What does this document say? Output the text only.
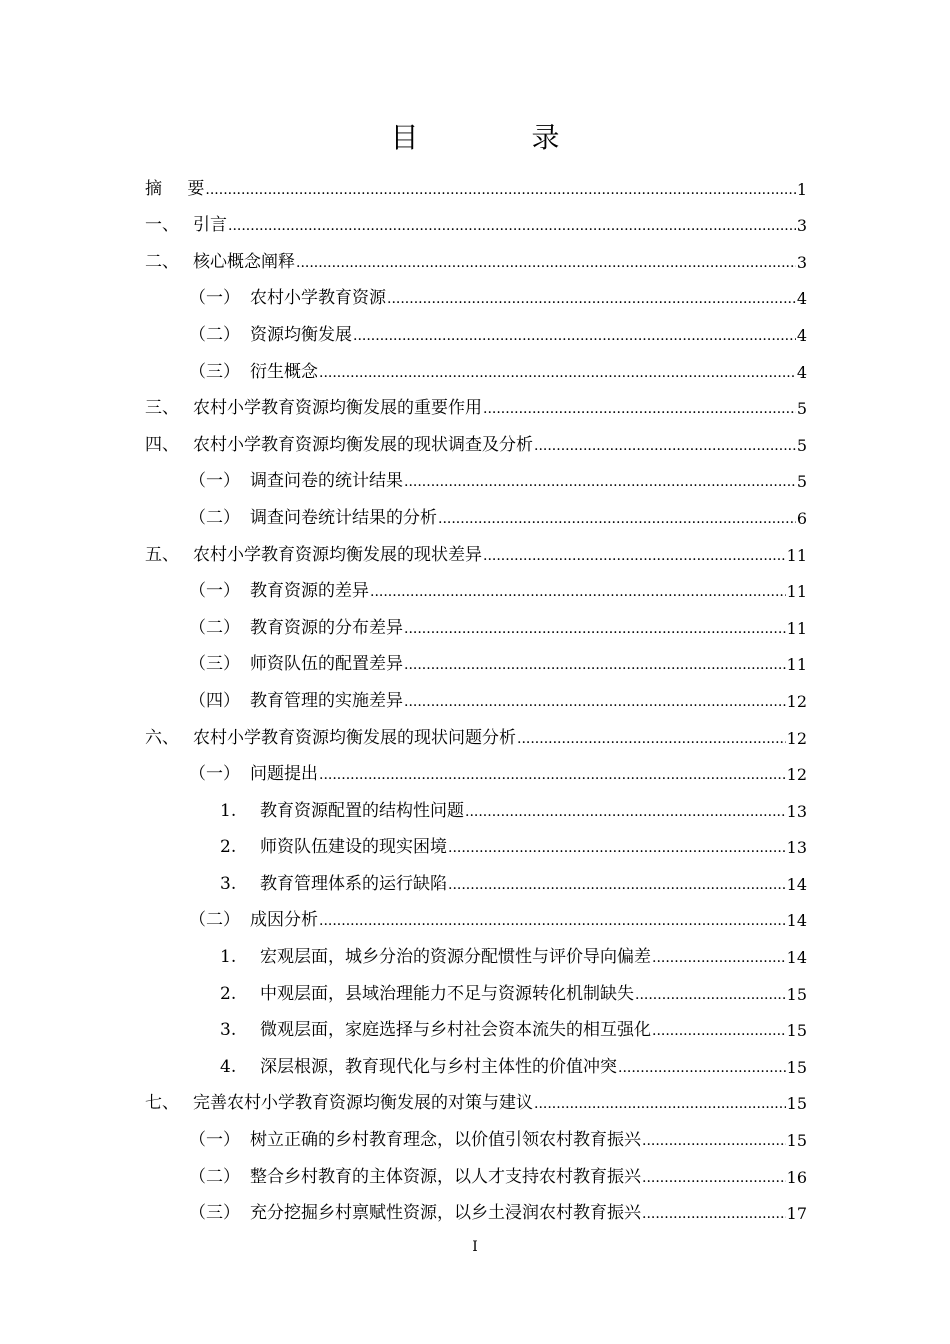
目 录
摘 要 .....	1
一、 引言 .....	3
二、 核心概念阐释 .....	3
（一） 农村小学教育资源 .....	4
（二） 资源均衡发展 .....	4
（三） 衍生概念 .....	4
三、 农村小学教育资源均衡发展的重要作用 .....	5
四、 农村小学教育资源均衡发展的现状调查及分析 .....	5
（一） 调查问卷的统计结果 .....	5
（二） 调查问卷统计结果的分析 .....	6
五、 农村小学教育资源均衡发展的现状差异 .....	11
（一） 教育资源的差异 .....	11
（二） 教育资源的分布差异 .....	11
（三） 师资队伍的配置差异 .....	11
（四） 教育管理的实施差异 .....	12
六、 农村小学教育资源均衡发展的现状问题分析 .....	12
（一） 问题提出 .....	12
1.	教育资源配置的结构性问题 .....	13
2.	师资队伍建设的现实困境 .....	13
3.	教育管理体系的运行缺陷 .....	14
（二） 成因分析 .....	14
1.	宏观层面，城乡分治的资源分配惯性与评价导向偏差 .....	14
2.	中观层面，县域治理能力不足与资源转化机制缺失 .....	15
3.	微观层面，家庭选择与乡村社会资本流失的相互强化 .....	15
4.	深层根源，教育现代化与乡村主体性的价值冲突 .....	15
七、 完善农村小学教育资源均衡发展的对策与建议 .....	15
（一） 树立正确的乡村教育理念，以价值引领农村教育振兴 .....	15
（二） 整合乡村教育的主体资源，以人才支持农村教育振兴 .....	16
（三） 充分挖掘乡村禀赋性资源，以乡土浸润农村教育振兴 .....	17
I
